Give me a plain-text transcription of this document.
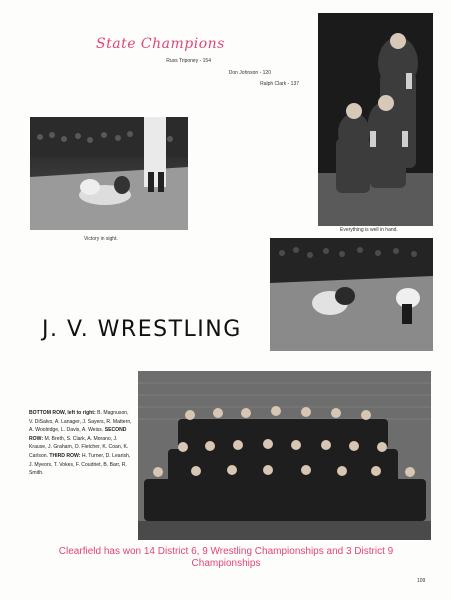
State Champions
Russ Triponey - 154
Don Johnson - 120
Ralph Clark - 137
Victory in sight.
Everything is well in hand.
J. V. WRESTLING
BOTTOM ROW, left to right: B. Magnuson, V. DiSalvo, A. Lanager, J. Sayers, R. Mattern, A. Woolridge, L. Davis, A. Weiss. SECOND ROW: M. Breth, S. Clark, A. Morano, J. Krause, J. Graham, O. Fletcher, K. Coan, K. Carlson. THIRD ROW: H. Turner, D. Learish, J. Myeors, T. Vokes, F. Coudriet, B. Barr, R. Smith.
Clearfield has won 14 District 6, 9 Wrestling Championships and 3 District 9 Championships
109
